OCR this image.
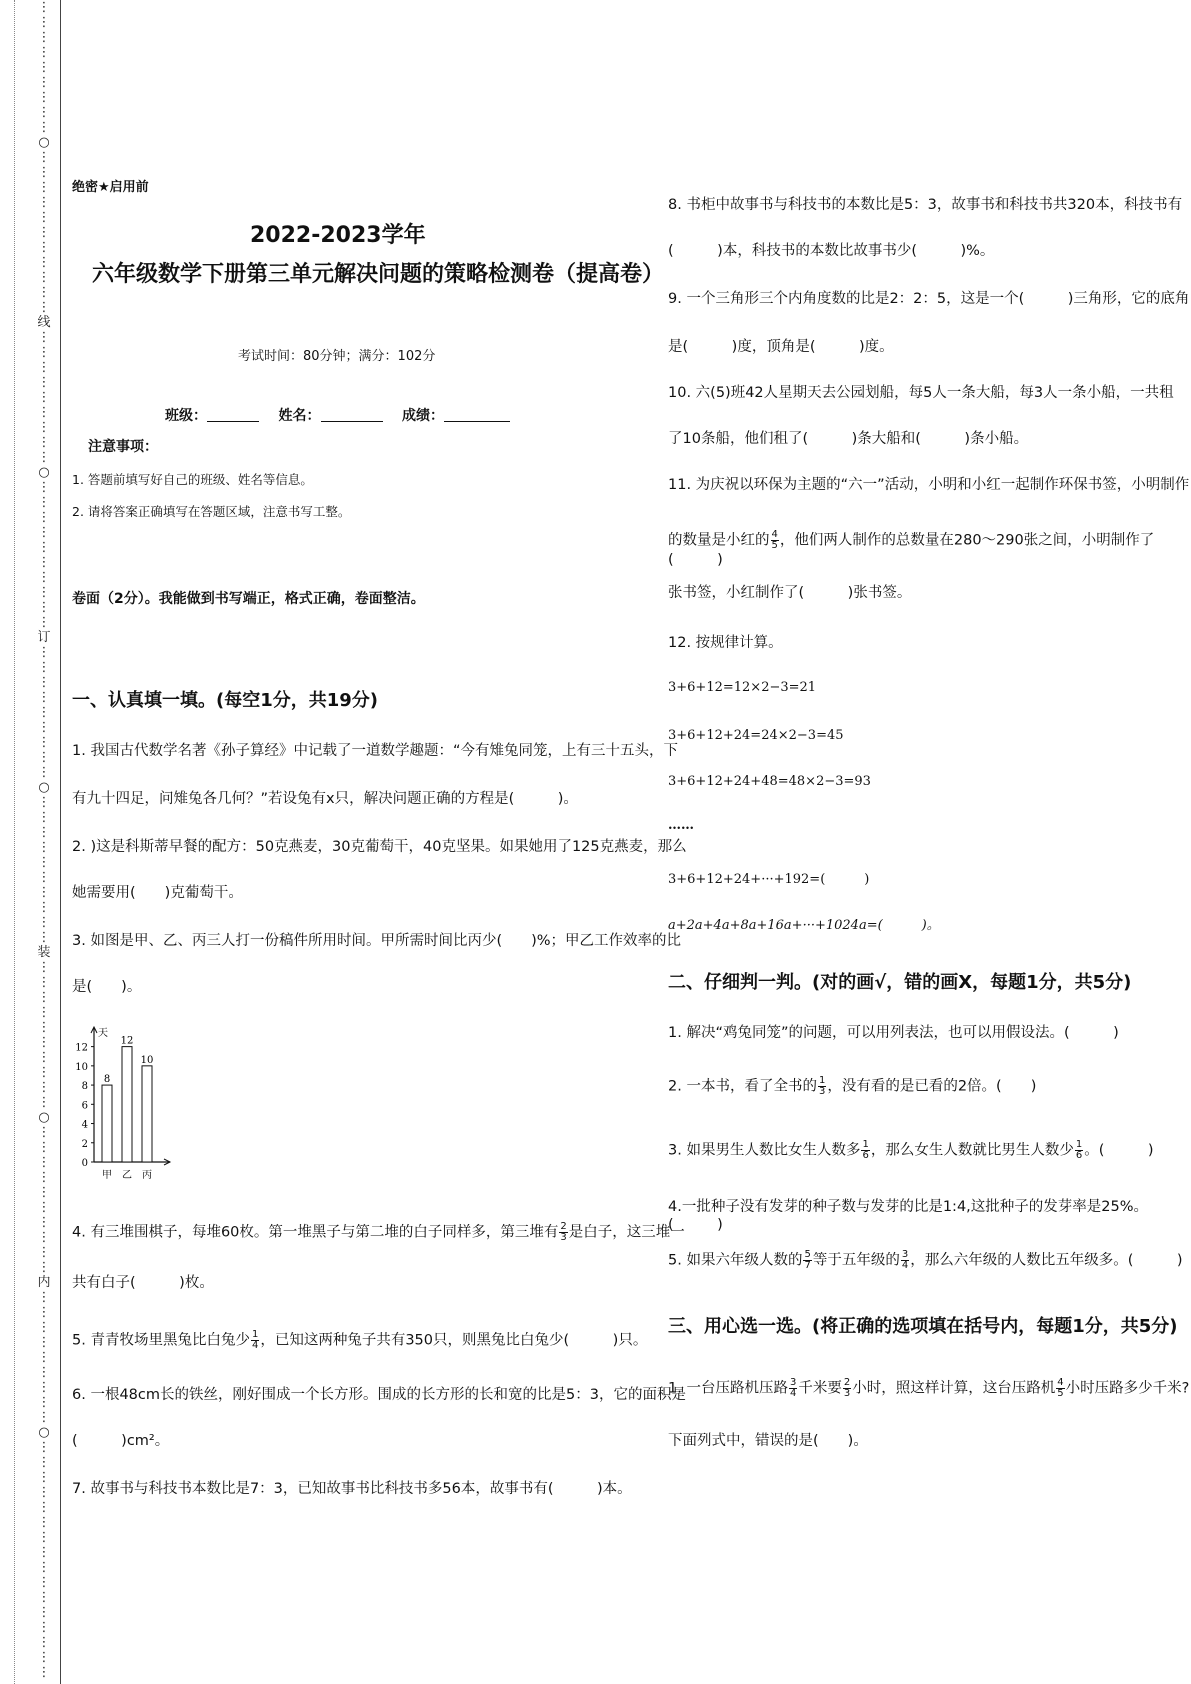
⋮
⋮
⋮
⋮
⋮
⋮
⋮
⋮
⋮
○
⋮
⋮
⋮
⋮
⋮
⋮
⋮
⋮
⋮
⋮
⋮
线
⋮
⋮
⋮
⋮
⋮
⋮
⋮
⋮
⋮
○
⋮
⋮
⋮
⋮
⋮
⋮
⋮
⋮
⋮
⋮
订
⋮
⋮
⋮
⋮
⋮
⋮
⋮
⋮
⋮
○
⋮
⋮
⋮
⋮
⋮
⋮
⋮
⋮
⋮
⋮
装
⋮
⋮
⋮
⋮
⋮
⋮
⋮
⋮
⋮
⋮
○
⋮
⋮
⋮
⋮
⋮
⋮
⋮
⋮
⋮
⋮
内
⋮
⋮
⋮
⋮
⋮
⋮
⋮
⋮
⋮
○
⋮
⋮
⋮
⋮
⋮
⋮
⋮
⋮
⋮
⋮
⋮
⋮
⋮
⋮
⋮
⋮
绝密★启用前
2022-2023学年
六年级数学下册第三单元解决问题的策略检测卷（提高卷）
考试时间：80分钟；满分：102分
班级：	姓名：	成绩：
注意事项：
1. 答题前填写好自己的班级、姓名等信息。
2. 请将答案正确填写在答题区域，注意书写工整。
卷面（2分）。我能做到书写端正，格式正确，卷面整洁。
一、认真填一填。(每空1分，共19分)
1. 我国古代数学名著《孙子算经》中记载了一道数学趣题：“今有雉兔同笼，上有三十五头，下
有九十四足，问雉兔各几何？”若设兔有x只，解决问题正确的方程是(　　　)。
2. )这是科斯蒂早餐的配方：50克燕麦，30克葡萄干，40克坚果。如果她用了125克燕麦，那么
她需要用(　　)克葡萄干。
3. 如图是甲、乙、丙三人打一份稿件所用时间。甲所需时间比丙少(　　)%；甲乙工作效率的比
是(　　)。
天
0
2
4
6
8
10
12
8
甲
12
乙
10
丙
4. 有三堆围棋子，每堆60枚。第一堆黑子与第二堆的白子同样多，第三堆有 $\frac{2}{3}$ 是白子，这三堆一
共有白子(　　　)枚。
5. 青青牧场里黑兔比白兔少 $\frac{1}{4}$ ，已知这两种兔子共有350只，则黑兔比白兔少(　　　)只。
6. 一根48cm长的铁丝，刚好围成一个长方形。围成的长方形的长和宽的比是5：3，它的面积是
(　　　)cm²。
7. 故事书与科技书本数比是7：3，已知故事书比科技书多56本，故事书有(　　　)本。
8. 书柜中故事书与科技书的本数比是5：3，故事书和科技书共320本，科技书有
(　　　)本，科技书的本数比故事书少(　　　)%。
9. 一个三角形三个内角度数的比是2：2：5，这是一个(　　　)三角形，它的底角
是(　　　)度，顶角是(　　　)度。
10. 六(5)班42人星期天去公园划船，每5人一条大船，每3人一条小船，一共租
了10条船，他们租了(　　　)条大船和(　　　)条小船。
11. 为庆祝以环保为主题的“六一”活动，小明和小红一起制作环保书签，小明制作
的数量是小红的 $\frac{4}{5}$ ，他们两人制作的总数量在280～290张之间，小明制作了(　　　)
张书签，小红制作了(　　　)张书签。
12. 按规律计算。
3+6+12=12×2−3=21
3+6+12+24=24×2−3=45
3+6+12+24+48=48×2−3=93
……
3+6+12+24+···+192=(　　　)
a+2a+4a+8a+16a+···+1024a=(　　　)。
二、仔细判一判。(对的画√，错的画X，每题1分，共5分)
1. 解决“鸡兔同笼”的问题，可以用列表法，也可以用假设法。(　　　)
2. 一本书，看了全书的 $\frac{1}{3}$ ，没有看的是已看的2倍。(　　)
3. 如果男生人数比女生人数多 $\frac{1}{6}$ ，那么女生人数就比男生人数少 $\frac{1}{6}$ 。(　　　)
4.一批种子没有发芽的种子数与发芽的比是1:4,这批种子的发芽率是25%。(　　　)
5. 如果六年级人数的 $\frac{5}{7}$ 等于五年级的 $\frac{3}{4}$ ，那么六年级的人数比五年级多。(　　　)
三、用心选一选。(将正确的选项填在括号内，每题1分，共5分)
1. 一台压路机压路 $\frac{3}{4}$ 千米要 $\frac{2}{3}$ 小时，照这样计算，这台压路机 $\frac{4}{5}$ 小时压路多少千米?
下面列式中，错误的是(　　)。
